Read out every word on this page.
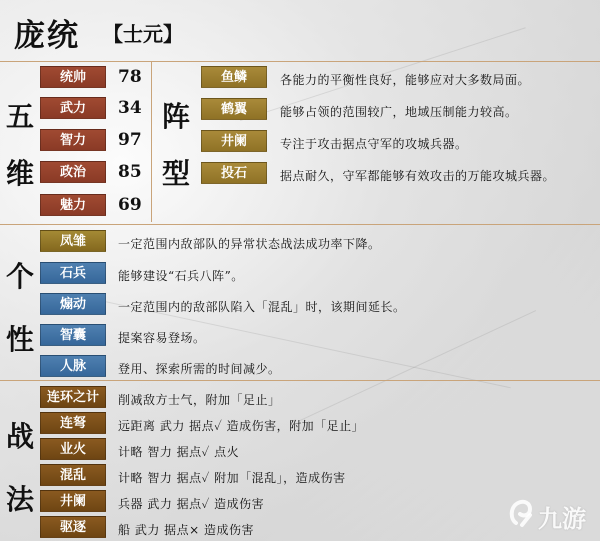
庞统 【士元】
五
维
统帅	78
武力	34
智力	97
政治	85
魅力	69
阵
型
鱼鳞	各能力的平衡性良好，能够应对大多数局面。
鹤翼	能够占领的范围较广，地域压制能力较高。
井阑	专注于攻击据点守军的攻城兵器。
投石	据点耐久，守军都能够有效攻击的万能攻城兵器。
个
性
凤雏	一定范围内敌部队的异常状态战法成功率下降。
石兵	能够建设“石兵八阵”。
煽动	一定范围内的敌部队陷入「混乱」时，该期间延长。
智囊	提案容易登场。
人脉	登用、探索所需的时间减少。
战
法
连环之计	削减敌方士气，附加「足止」
连弩	远距离 武力 据点✓ 造成伤害，附加「足止」
业火	计略 智力 据点✓ 点火
混乱	计略 智力 据点✓ 附加「混乱」，造成伤害
井阑	兵器 武力 据点✓ 造成伤害
驱逐	船 武力 据点× 造成伤害	九游
